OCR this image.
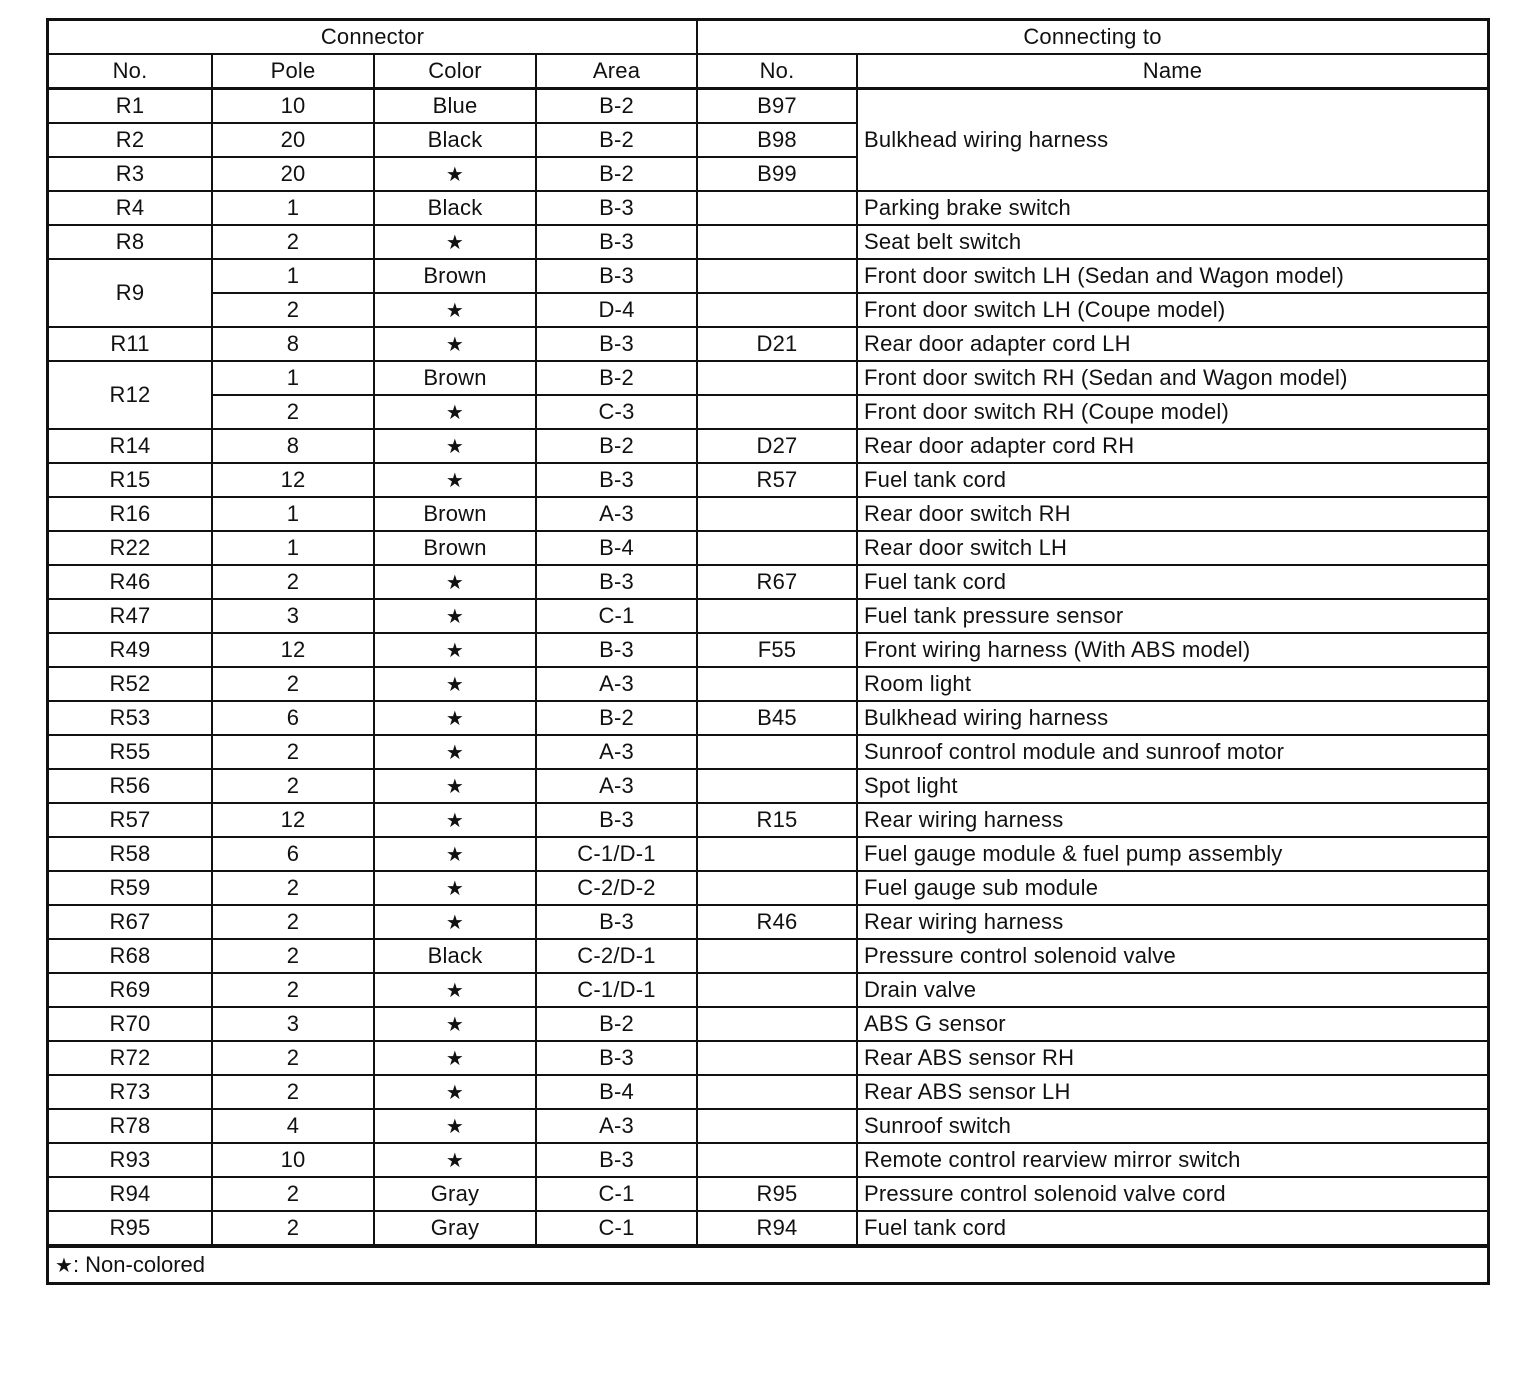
Connector				Connecting to	
No.	Pole	Color	Area	No.	Name
R1	10	Blue	B-2	B97	Bulkhead wiring harness
R2	20	Black	B-2	B98	
R3	20	★	B-2	B99	
R4	1	Black	B-3		Parking brake switch
R8	2	★	B-3		Seat belt switch
R9	1	Brown	B-3		Front door switch LH (Sedan and Wagon model)
	2	★	D-4		Front door switch LH (Coupe model)
R11	8	★	B-3	D21	Rear door adapter cord LH
R12	1	Brown	B-2		Front door switch RH (Sedan and Wagon model)
	2	★	C-3		Front door switch RH (Coupe model)
R14	8	★	B-2	D27	Rear door adapter cord RH
R15	12	★	B-3	R57	Fuel tank cord
R16	1	Brown	A-3		Rear door switch RH
R22	1	Brown	B-4		Rear door switch LH
R46	2	★	B-3	R67	Fuel tank cord
R47	3	★	C-1		Fuel tank pressure sensor
R49	12	★	B-3	F55	Front wiring harness (With ABS model)
R52	2	★	A-3		Room light
R53	6	★	B-2	B45	Bulkhead wiring harness
R55	2	★	A-3		Sunroof control module and sunroof motor
R56	2	★	A-3		Spot light
R57	12	★	B-3	R15	Rear wiring harness
R58	6	★	C-1/D-1		Fuel gauge module & fuel pump assembly
R59	2	★	C-2/D-2		Fuel gauge sub module
R67	2	★	B-3	R46	Rear wiring harness
R68	2	Black	C-2/D-1		Pressure control solenoid valve
R69	2	★	C-1/D-1		Drain valve
R70	3	★	B-2		ABS G sensor
R72	2	★	B-3		Rear ABS sensor RH
R73	2	★	B-4		Rear ABS sensor LH
R78	4	★	A-3		Sunroof switch
R93	10	★	B-3		Remote control rearview mirror switch
R94	2	Gray	C-1	R95	Pressure control solenoid valve cord
R95	2	Gray	C-1	R94	Fuel tank cord
★: Non-colored
